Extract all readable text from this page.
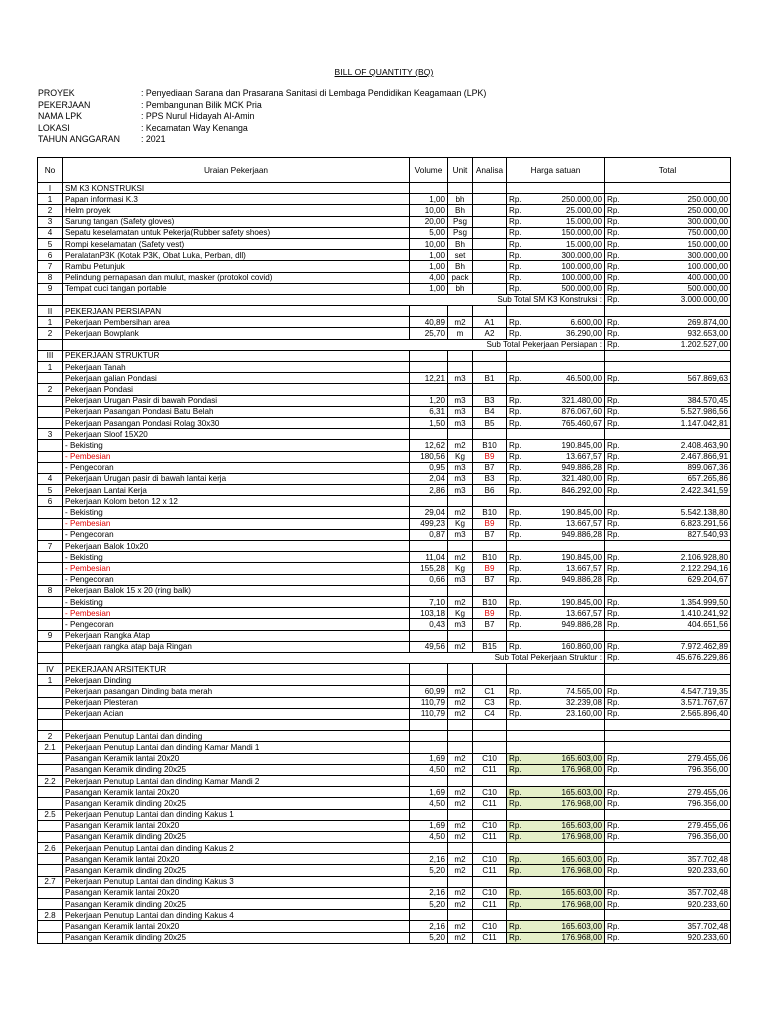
BILL OF QUANTITY (BQ)
PROYEK	: Penyediaan Sarana dan Prasarana Sanitasi di Lembaga Pendidikan Keagamaan (LPK)
PEKERJAAN	: Pembangunan Bilik MCK Pria
NAMA LPK	: PPS Nurul Hidayah Al-Amin
LOKASI	: Kecamatan Way Kenanga
TAHUN ANGGARAN	: 2021
No	Uraian Pekerjaan	Volume	Unit	Analisa	Harga satuan	Total
I	SM K3 KONSTRUKSI					
1	Papan informasi K.3	1,00	bh		Rp. 250.000,00	Rp. 250.000,00

2	Helm proyek	10,00	Bh		Rp. 25.000,00	Rp. 250.000,00

3	Sarung tangan (Safety gloves)	20,00	Psg		Rp. 15.000,00	Rp. 300.000,00

4	Sepatu keselamatan untuk Pekerja(Rubber safety shoes)	5,00	Psg		Rp. 150.000,00	Rp. 750.000,00

5	Rompi keselamatan (Safety vest)	10,00	Bh		Rp. 15.000,00	Rp. 150.000,00

6	PeralatanP3K (Kotak P3K, Obat Luka, Perban, dll)	1,00	set		Rp. 300.000,00	Rp. 300.000,00

7	Rambu Petunjuk	1,00	Bh		Rp. 100.000,00	Rp. 100.000,00

8	Pelindung pernapasan dan mulut, masker (protokol covid)	4,00	pack		Rp. 100.000,00	Rp. 400.000,00

9	Tempat cuci tangan portable	1,00	bh		Rp. 500.000,00	Rp. 500.000,00

	Sub Total SM K3 Konstruksi :					Rp. 3.000.000,00

II	PEKERJAAN PERSIAPAN					
1	Pekerjaan Pembersihan area	40,89	m2	A1	Rp. 6.600,00	Rp. 269.874,00

2	Pekerjaan Bowplank	25,70	m	A2	Rp. 36.290,00	Rp. 932.653,00

	Sub Total Pekerjaan Persiapan :					Rp. 1.202.527,00

III	PEKERJAAN STRUKTUR					
1	Pekerjaan Tanah					
	Pekerjaan galian Pondasi	12,21	m3	B1	Rp. 46.500,00	Rp. 567.869,63

2	Pekerjaan Pondasi					
	Pekerjaan Urugan Pasir di bawah Pondasi	1,20	m3	B3	Rp. 321.480,00	Rp. 384.570,45

	Pekerjaan Pasangan Pondasi Batu Belah	6,31	m3	B4	Rp. 876.067,60	Rp. 5.527.986,56

	Pekerjaan Pasangan Pondasi Rolag 30x30	1,50	m3	B5	Rp. 765.460,67	Rp. 1.147.042,81

3	Pekerjaan Sloof 15X20					
	- Bekisting	12,62	m2	B10	Rp. 190.845,00	Rp. 2.408.463,90

	- Pembesian	180,56	Kg	B9	Rp. 13.667,57	Rp. 2.467.866,91

	- Pengecoran	0,95	m3	B7	Rp. 949.886,28	Rp. 899.067,36

4	Pekerjaan Urugan pasir di bawah lantai kerja	2,04	m3	B3	Rp. 321.480,00	Rp. 657.265,86

5	Pekerjaan Lantai Kerja	2,86	m3	B6	Rp. 846.292,00	Rp. 2.422.341,59

6	Pekerjaan Kolom beton 12 x 12					
	- Bekisting	29,04	m2	B10	Rp. 190.845,00	Rp. 5.542.138,80

	- Pembesian	499,23	Kg	B9	Rp. 13.667,57	Rp. 6.823.291,56

	- Pengecoran	0,87	m3	B7	Rp. 949.886,28	Rp. 827.540,93

7	Pekerjaan Balok 10x20					
	- Bekisting	11,04	m2	B10	Rp. 190.845,00	Rp. 2.106.928,80

	- Pembesian	155,28	Kg	B9	Rp. 13.667,57	Rp. 2.122.294,16

	- Pengecoran	0,66	m3	B7	Rp. 949.886,28	Rp. 629.204,67

8	Pekerjaan Balok 15 x 20 (ring balk)					
	- Bekisting	7,10	m2	B10	Rp. 190.845,00	Rp. 1.354.999,50

	- Pembesian	103,18	Kg	B9	Rp. 13.667,57	Rp. 1.410.241,92

	- Pengecoran	0,43	m3	B7	Rp. 949.886,28	Rp. 404.651,56

9	Pekerjaan Rangka Atap					
	Pekerjaan rangka atap baja Ringan	49,56	m2	B15	Rp. 160.860,00	Rp. 7.972.462,89

	Sub Total Pekerjaan Struktur :					Rp. 45.676.229,86

IV	PEKERJAAN ARSITEKTUR					
1	Pekerjaan Dinding					
	Pekerjaan pasangan Dinding bata merah	60,99	m2	C1	Rp. 74.565,00	Rp. 4.547.719,35

	Pekerjaan Plesteran	110,79	m2	C3	Rp. 32.239,08	Rp. 3.571.767,67

	Pekerjaan Acian	110,79	m2	C4	Rp. 23.160,00	Rp. 2.565.896,40

2	Pekerjaan Penutup Lantai dan dinding					
2.1	Pekerjaan Penutup Lantai dan dinding Kamar Mandi 1					
	Pasangan Keramik lantai 20x20	1,69	m2	C10	Rp. 165.603,00	Rp. 279.455,06

	Pasangan Keramik dinding 20x25	4,50	m2	C11	Rp. 176.968,00	Rp. 796.356,00

2.2	Pekerjaan Penutup Lantai dan dinding Kamar Mandi 2					
	Pasangan Keramik lantai 20x20	1,69	m2	C10	Rp. 165.603,00	Rp. 279.455,06

	Pasangan Keramik dinding 20x25	4,50	m2	C11	Rp. 176.968,00	Rp. 796.356,00

2.5	Pekerjaan Penutup Lantai dan dinding Kakus 1					
	Pasangan Keramik lantai 20x20	1,69	m2	C10	Rp. 165.603,00	Rp. 279.455,06

	Pasangan Keramik dinding 20x25	4,50	m2	C11	Rp. 176.968,00	Rp. 796.356,00

2.6	Pekerjaan Penutup Lantai dan dinding Kakus 2					
	Pasangan Keramik lantai 20x20	2,16	m2	C10	Rp. 165.603,00	Rp. 357.702,48

	Pasangan Keramik dinding 20x25	5,20	m2	C11	Rp. 176.968,00	Rp. 920.233,60

2.7	Pekerjaan Penutup Lantai dan dinding Kakus 3					
	Pasangan Keramik lantai 20x20	2,16	m2	C10	Rp. 165.603,00	Rp. 357.702,48

	Pasangan Keramik dinding 20x25	5,20	m2	C11	Rp. 176.968,00	Rp. 920.233,60

2.8	Pekerjaan Penutup Lantai dan dinding Kakus 4					
	Pasangan Keramik lantai 20x20	2,16	m2	C10	Rp. 165.603,00	Rp. 357.702,48

	Pasangan Keramik dinding 20x25	5,20	m2	C11	Rp. 176.968,00	Rp. 920.233,60
